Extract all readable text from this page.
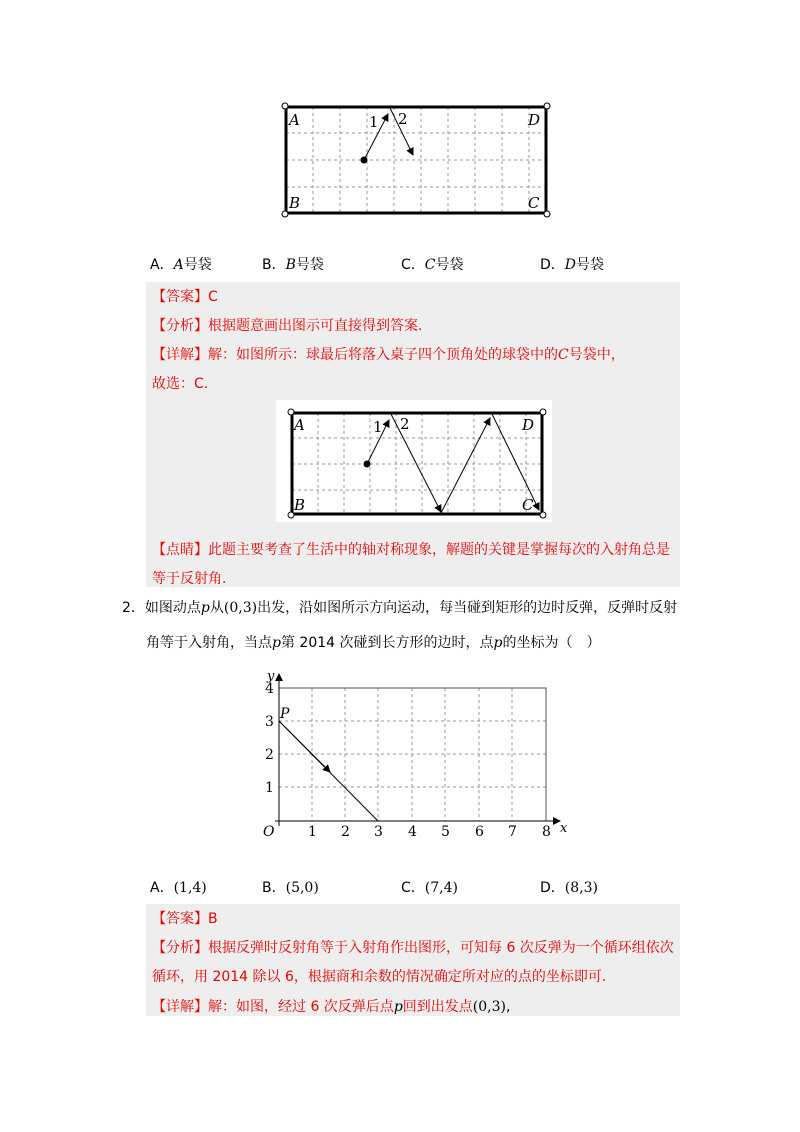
A
B	C
D
1 2
A．A号袋	B．B号袋	C．C号袋	D．D号袋
【答案】C
【分析】根据题意画出图示可直接得到答案.
【详解】解：如图所示：球最后将落入桌子四个顶角处的球袋中的C号袋中，
故选：C.
A
B	C
D
1 2
【点睛】此题主要考查了生活中的轴对称现象，解题的关键是掌握每次的入射角总是
等于反射角.
2．如图动点p从(0,3)出发，沿如图所示方向运动，每当碰到矩形的边时反弹，反弹时反射
角等于入射角，当点p第 2014 次碰到长方形的边时，点p的坐标为（　）
y
x
O
P
1 2 3 4 5 6 7 8
1
2
3
4
A．(1,4)	B．(5,0)	C．(7,4)	D．(8,3)
【答案】B
【分析】根据反弹时反射角等于入射角作出图形，可知每 6 次反弹为一个循环组依次
循环，用 2014 除以 6，根据商和余数的情况确定所对应的点的坐标即可.
【详解】解：如图，经过 6 次反弹后点p回到出发点(0,3),
